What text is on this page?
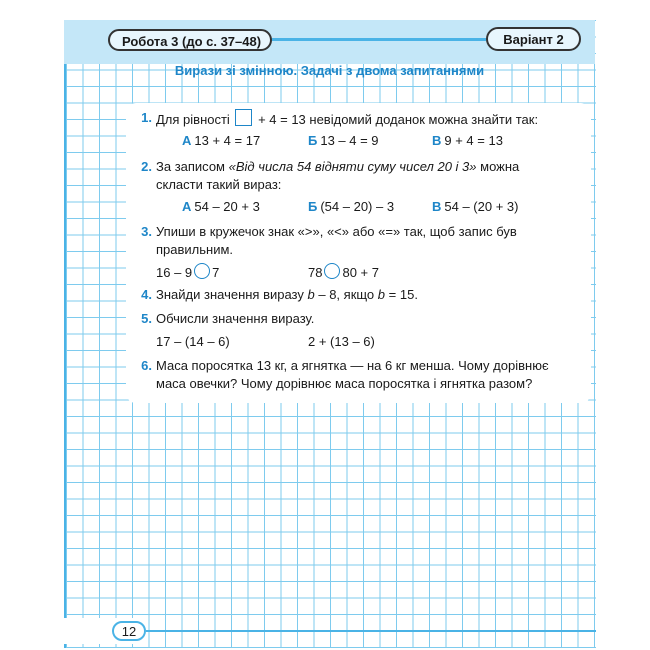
Робота 3 (до с. 37–48)	Варіант 2
Вирази зі змінною. Задачі з двома запитаннями
1. Для рівності + 4 = 13 невідомий доданок можна знайти так:
А 13 + 4 = 17	Б 13 – 4 = 9	В 9 + 4 = 13
2. За записом «Від числа 54 відняти суму чисел 20 і 3» можна
скласти такий вираз:
А 54 – 20 + 3	Б (54 – 20) – 3	В 54 – (20 + 3)
3. Упиши в кружечок знак «>», «<» або «=» так, щоб запис був
правильним.
16 – 9 7	78 80 + 7
4. Знайди значення виразу b – 8, якщо b = 15.
5. Обчисли значення виразу.
17 – (14 – 6)	2 + (13 – 6)
6. Маса поросятка 13 кг, а ягнятка — на 6 кг менша. Чому дорівнює
маса овечки? Чому дорівнює маса поросятка і ягнятка разом?
12
